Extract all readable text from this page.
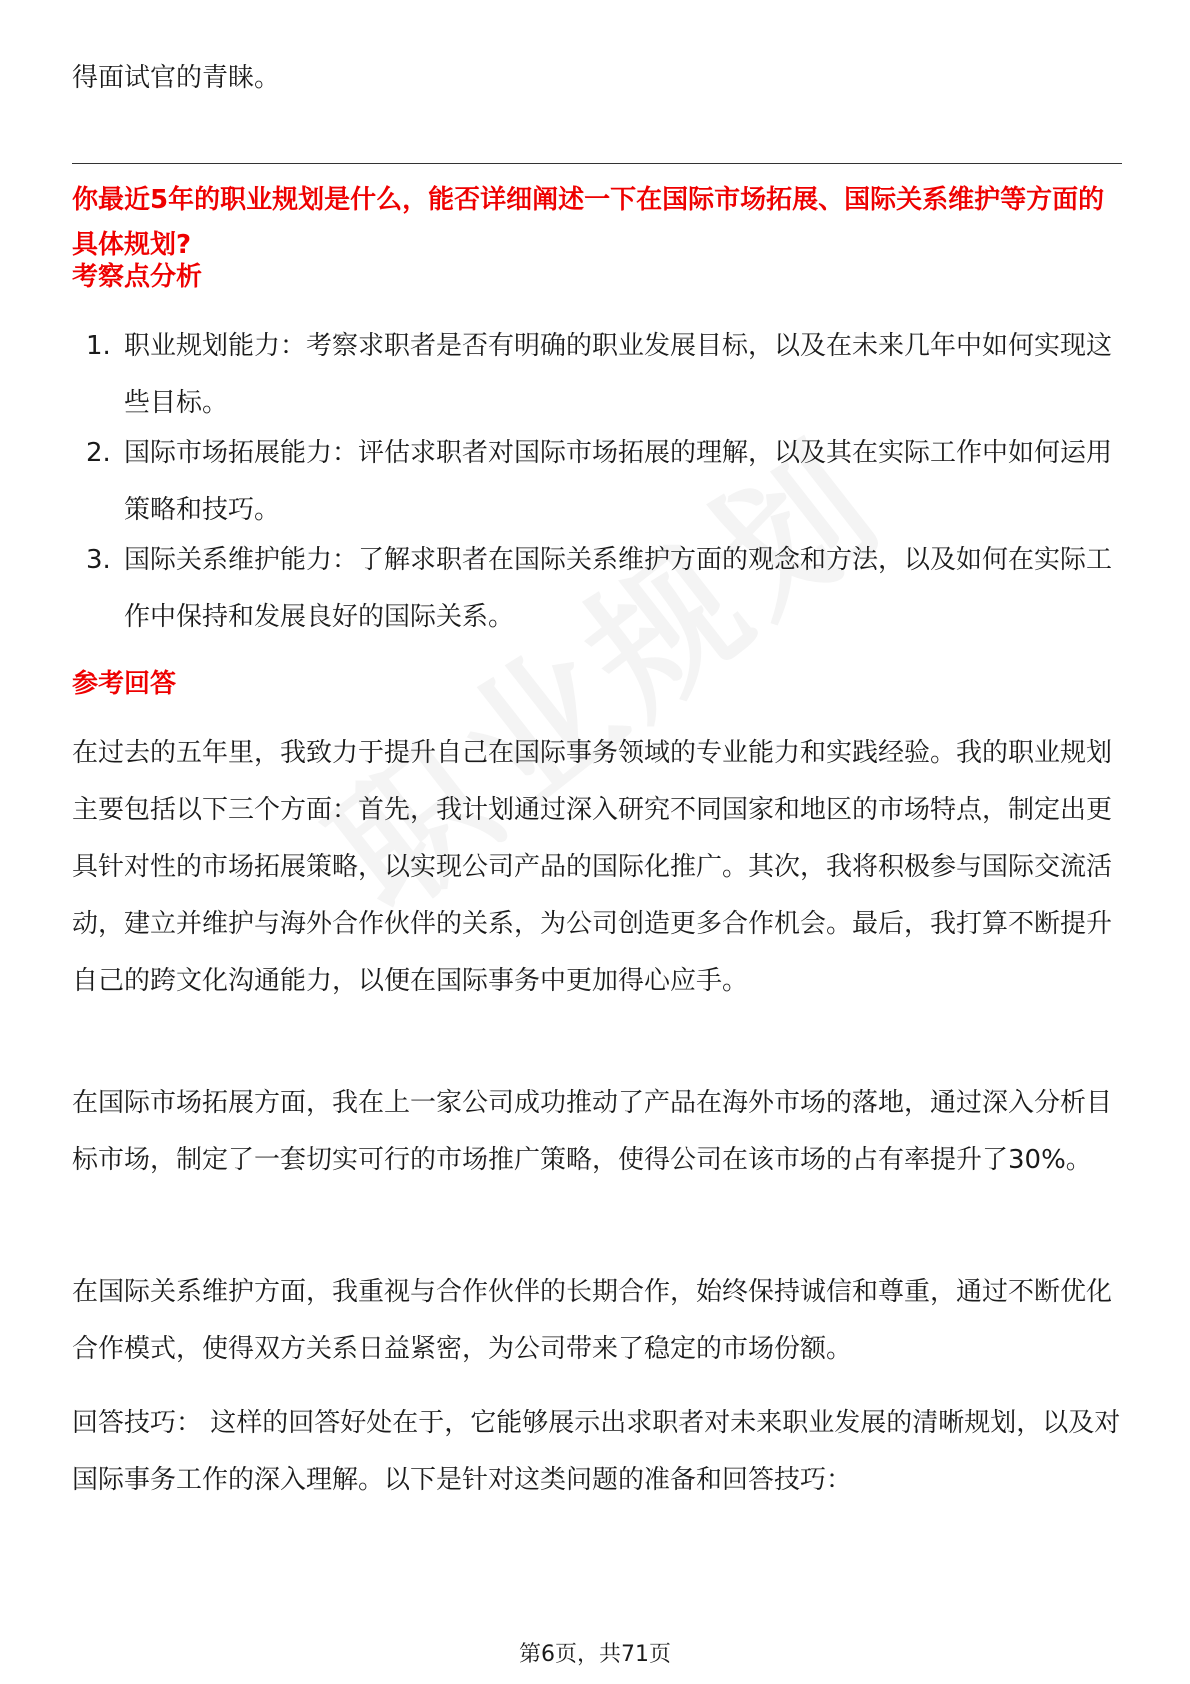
得面试官的青睐。

你最近5年的职业规划是什么，能否详细阐述一下在国际市场拓展、国际关系维护等方面的具体规划?

考察点分析

1. 职业规划能力：考察求职者是否有明确的职业发展目标，以及在未来几年中如何实现这些目标。
2. 国际市场拓展能力：评估求职者对国际市场拓展的理解，以及其在实际工作中如何运用策略和技巧。
3. 国际关系维护能力：了解求职者在国际关系维护方面的观念和方法，以及如何在实际工作中保持和发展良好的国际关系。

参考回答

在过去的五年里，我致力于提升自己在国际事务领域的专业能力和实践经验。我的职业规划主要包括以下三个方面：首先，我计划通过深入研究不同国家和地区的市场特点，制定出更具针对性的市场拓展策略，以实现公司产品的国际化推广。其次，我将积极参与国际交流活动，建立并维护与海外合作伙伴的关系，为公司创造更多合作机会。最后，我打算不断提升自己的跨文化沟通能力，以便在国际事务中更加得心应手。

在国际市场拓展方面，我在上一家公司成功推动了产品在海外市场的落地，通过深入分析目标市场，制定了一套切实可行的市场推广策略，使得公司在该市场的占有率提升了30%。

在国际关系维护方面，我重视与合作伙伴的长期合作，始终保持诚信和尊重，通过不断优化合作模式，使得双方关系日益紧密，为公司带来了稳定的市场份额。

回答技巧： 这样的回答好处在于，它能够展示出求职者对未来职业发展的清晰规划，以及对国际事务工作的深入理解。以下是针对这类问题的准备和回答技巧：

第6页，共71页
